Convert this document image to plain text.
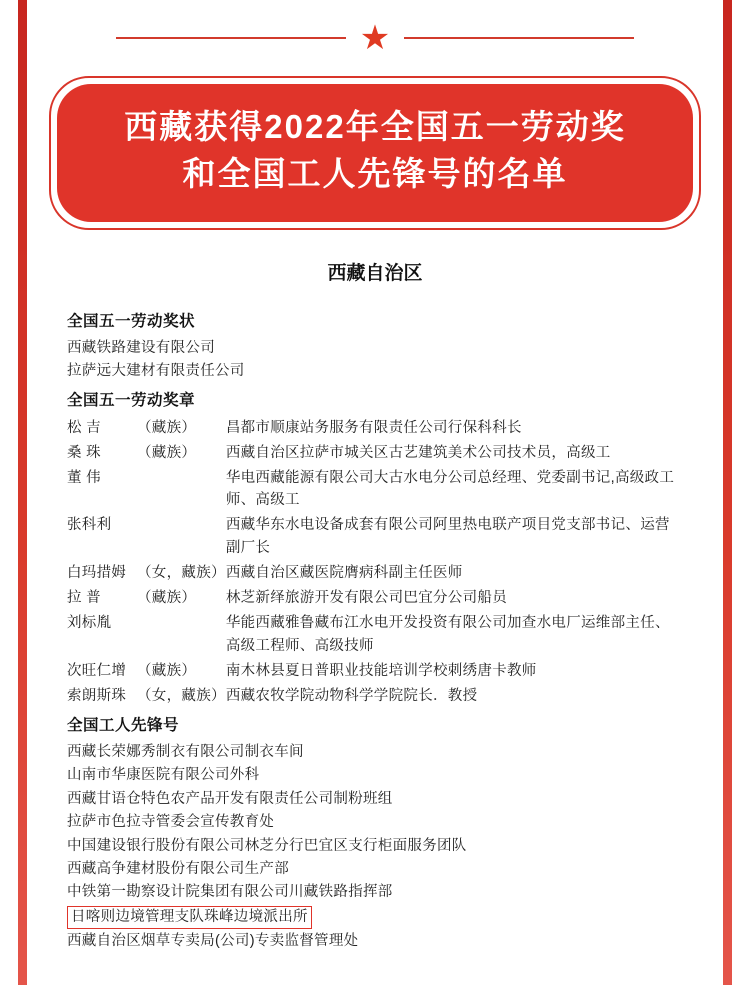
★
西藏获得2022年全国五一劳动奖
和全国工人先锋号的名单
西藏自治区
全国五一劳动奖状
西藏铁路建设有限公司
拉萨远大建材有限责任公司
全国五一劳动奖章
松 吉	（藏族）	昌都市顺康站务服务有限责任公司行保科科长
桑 珠	（藏族）	西藏自治区拉萨市城关区古艺建筑美术公司技术员，高级工
董 伟		华电西藏能源有限公司大古水电分公司总经理、党委副书记,高级政工师、高级工
张科利		西藏华东水电设备成套有限公司阿里热电联产项目党支部书记、运营副厂长
白玛措姆	（女，藏族）	西藏自治区藏医院膺病科副主任医师
拉 普	（藏族）	林芝新绎旅游开发有限公司巴宜分公司船员
刘标胤		华能西藏雅鲁藏布江水电开发投资有限公司加查水电厂运维部主任、高级工程师、高级技师
次旺仁增	（藏族）	南木林县夏日普职业技能培训学校刺绣唐卡教师
索朗斯珠	（女，藏族）	西藏农牧学院动物科学学院院长．教授
全国工人先锋号
西藏长荣娜秀制衣有限公司制衣车间
山南市华康医院有限公司外科
西藏甘语仓特色农产品开发有限责任公司制粉班组
拉萨市色拉寺管委会宣传教育处
中国建设银行股份有限公司林芝分行巴宜区支行柜面服务团队
西藏高争建材股份有限公司生产部
中铁第一勘察设计院集团有限公司川藏铁路指挥部
日喀则边境管理支队珠峰边境派出所
西藏自治区烟草专卖局(公司)专卖监督管理处
